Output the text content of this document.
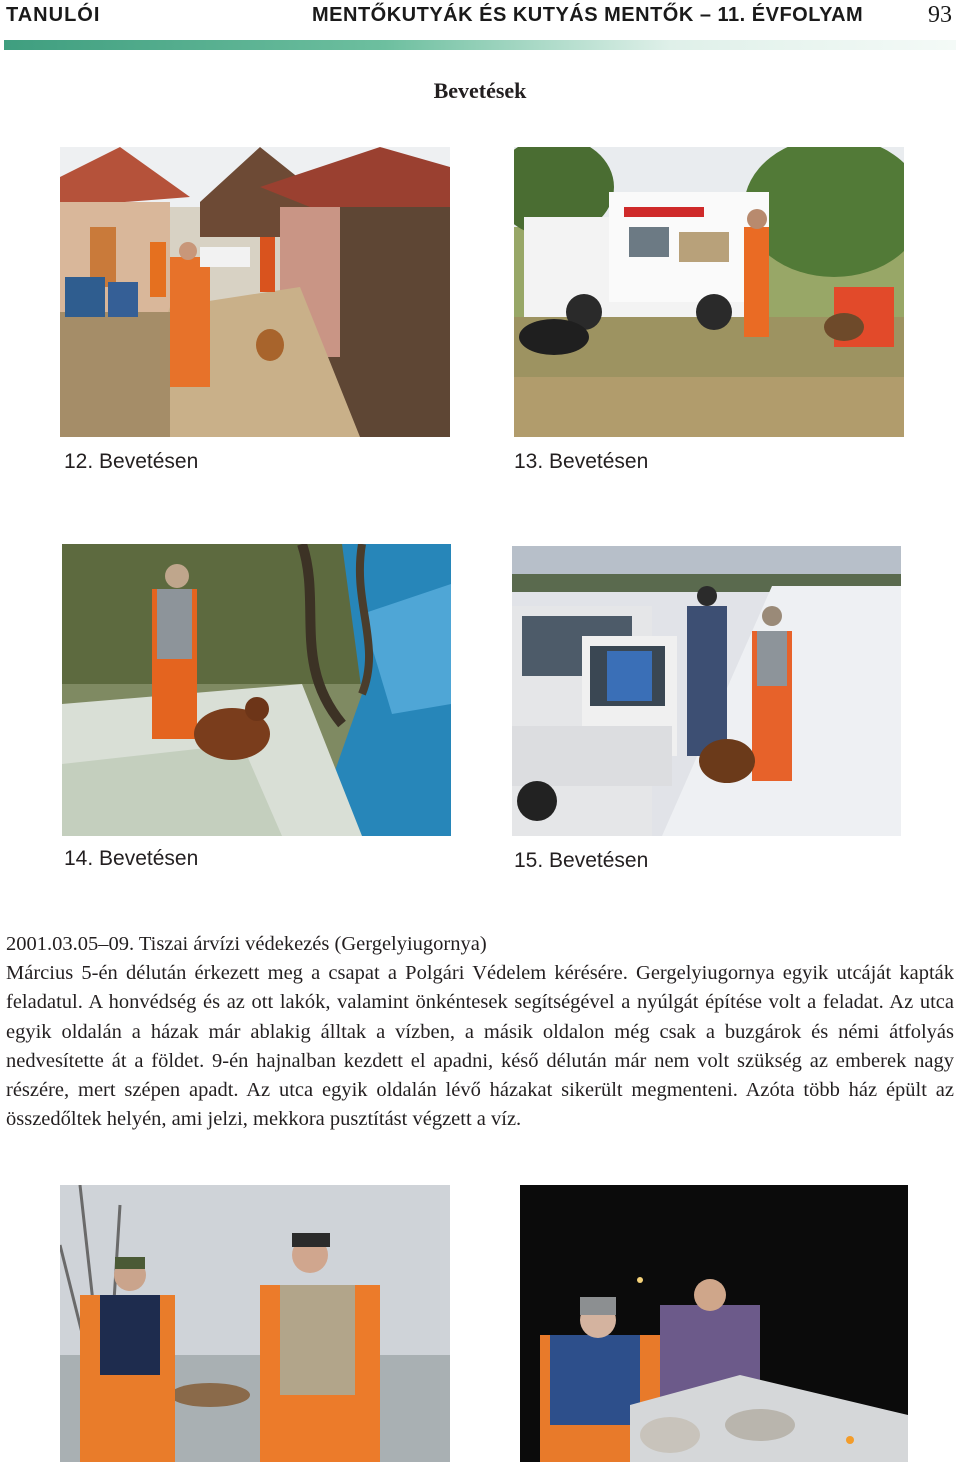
TANULÓI	MENTŐKUTYÁK ÉS KUTYÁS MENTŐK – 11. ÉVFOLYAM	93
Bevetések
12. Bevetésen	13. Bevetésen
14. Bevetésen	15. Bevetésen

2001.03.05–09. Tiszai árvízi védekezés (Gergelyiugornya)

Március 5-én délután érkezett meg a csapat a Polgári Védelem kérésére. Gergelyiugornya egyik utcáját kapták feladatul. A honvédség és az ott lakók, valamint önkéntesek segítségével a nyúlgát építése volt a feladat. Az utca egyik oldalán a házak már ablakig álltak a vízben, a másik oldalon még csak a buzgárok és némi átfolyás nedvesítette át a földet. 9-én hajnalban kezdett el apadni, késő délután már nem volt szükség az emberek nagy részére, mert szépen apadt. Az utca egyik oldalán lévő házakat sikerült megmenteni. Azóta több ház épült az összedőltek helyén, ami jelzi, mekkora pusztítást végzett a víz.
